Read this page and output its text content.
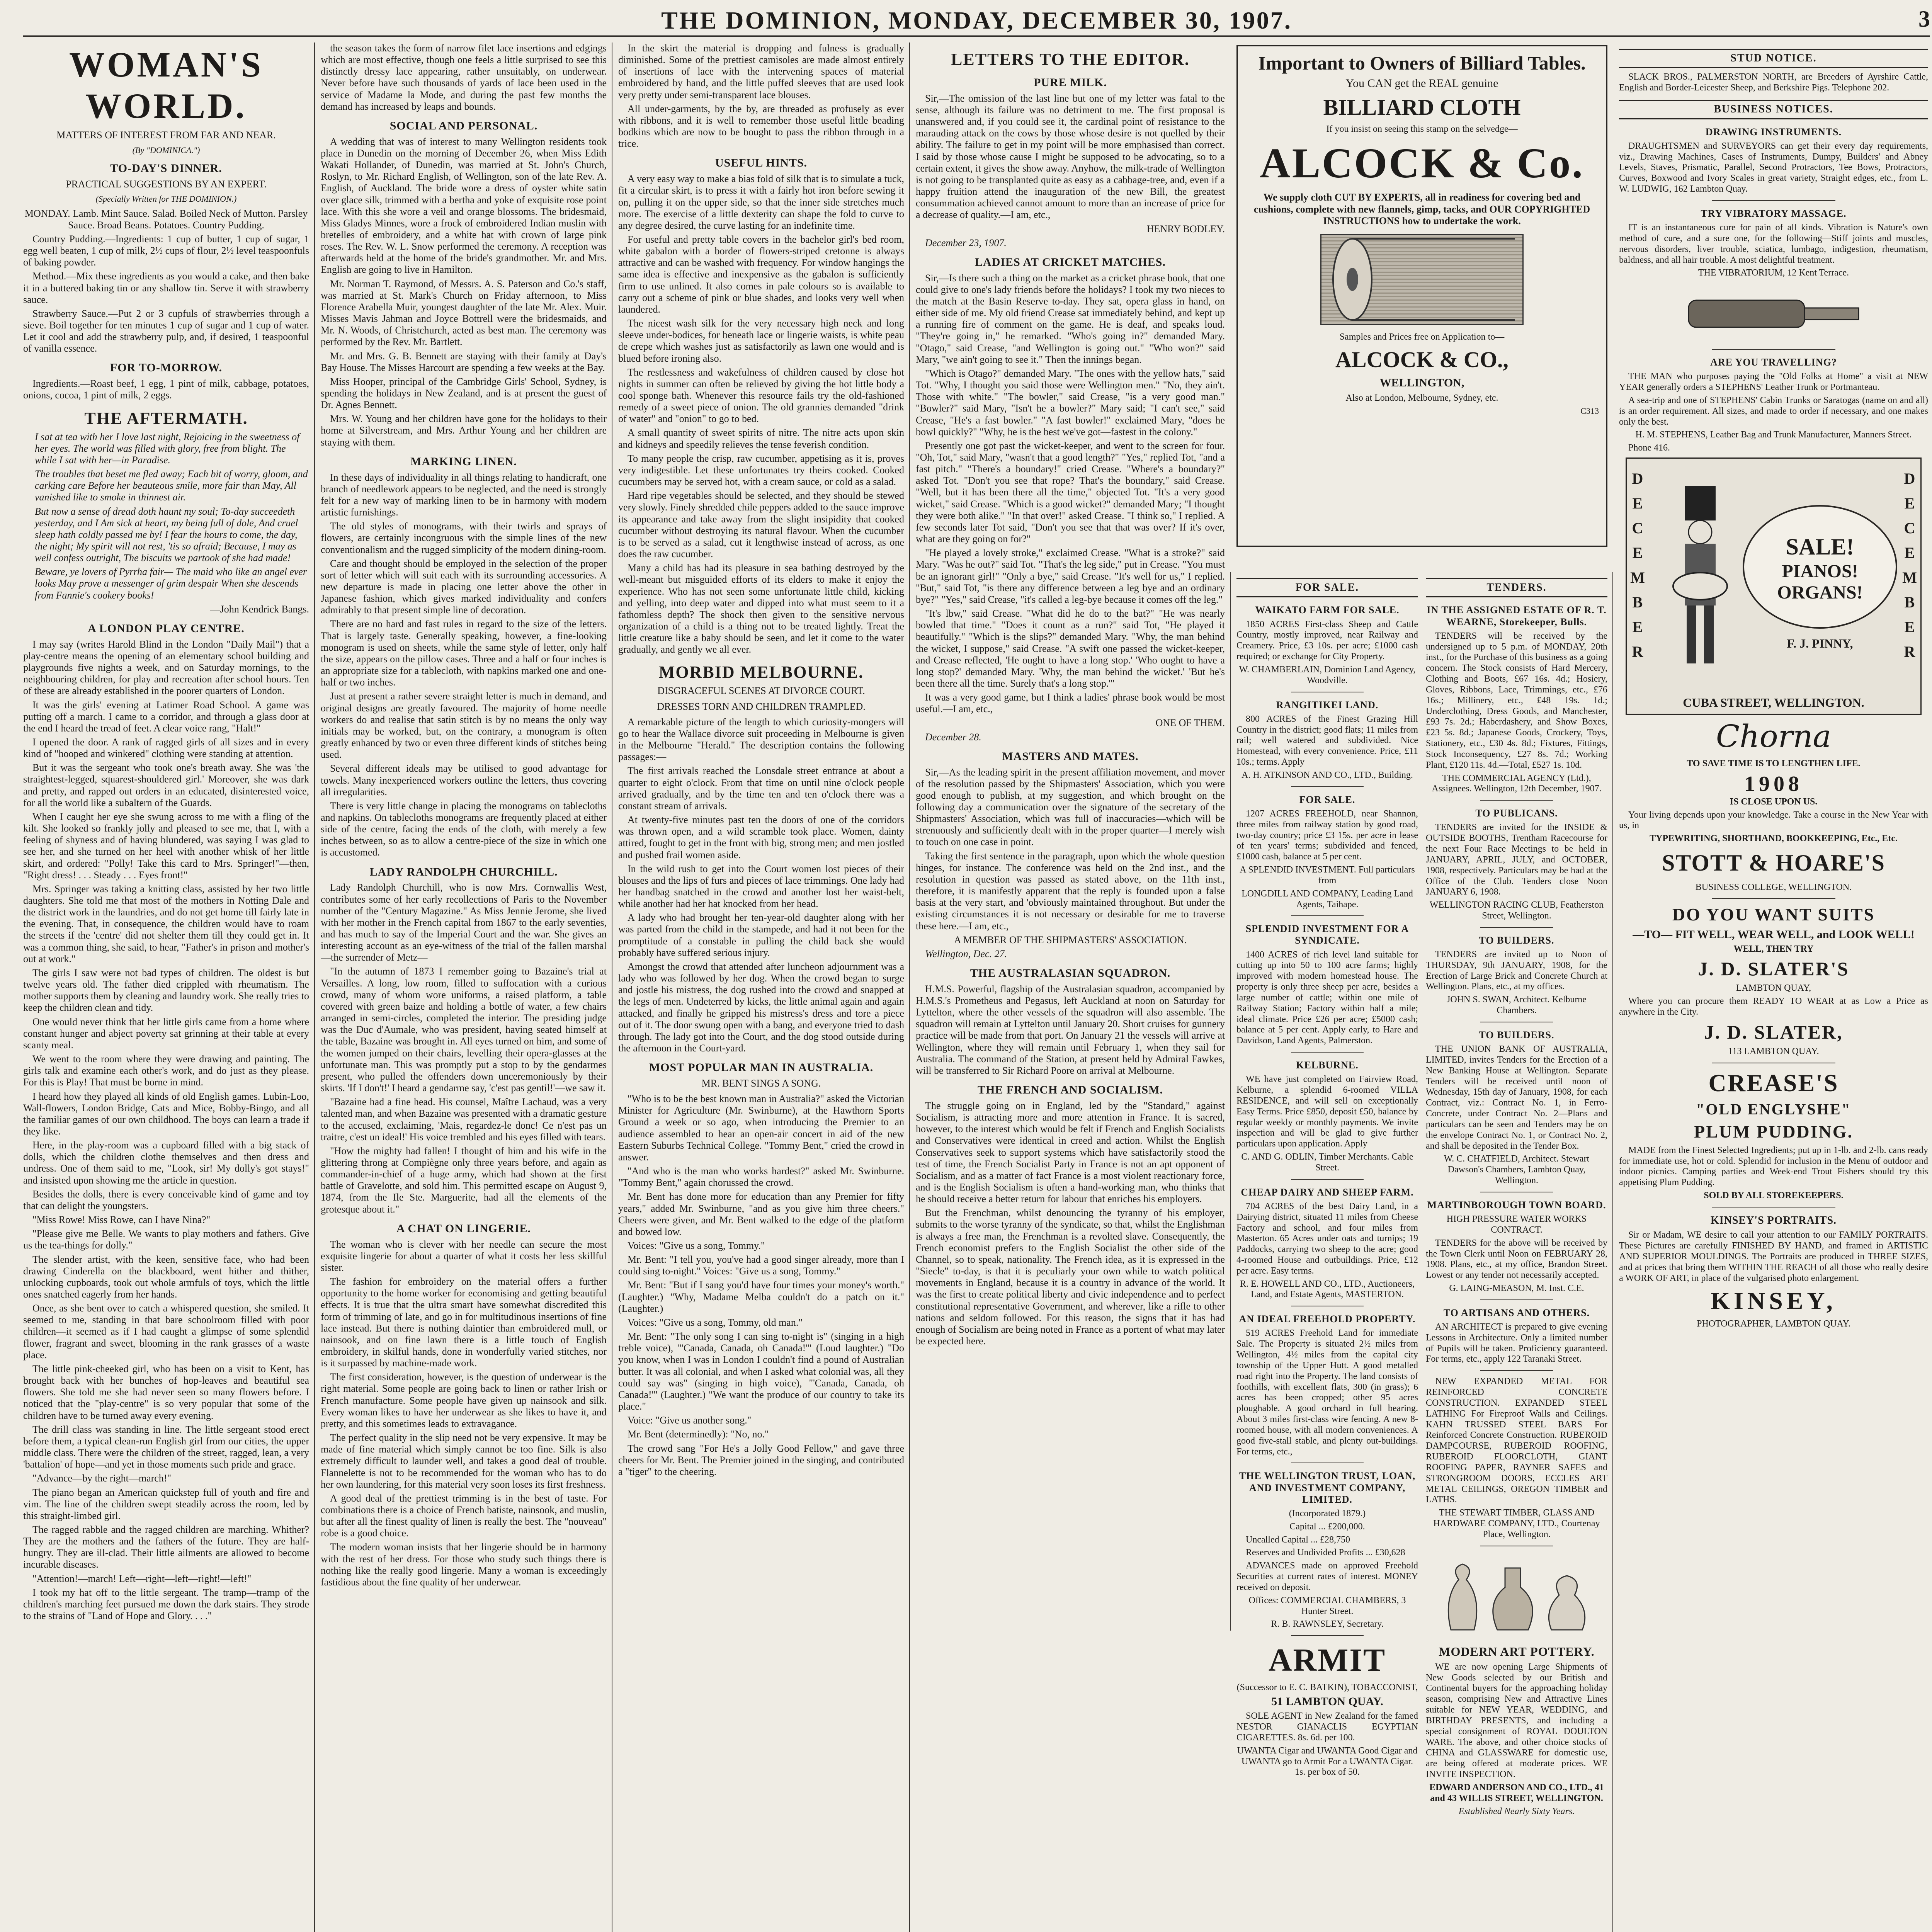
THE DOMINION, MONDAY, DECEMBER 30, 1907.	3
WOMAN'S WORLD.
MATTERS OF INTEREST FROM FAR AND NEAR.
(By "DOMINICA.")
TO-DAY'S DINNER.
PRACTICAL SUGGESTIONS BY AN EXPERT.
(Specially Written for THE DOMINION.)

MONDAY. Lamb. Mint Sauce. Salad. Boiled Neck of Mutton. Parsley Sauce. Broad Beans. Potatoes. Country Pudding.

Country Pudding.—Ingredients: 1 cup of butter, 1 cup of sugar, 1 egg well beaten, 1 cup of milk, 2½ cups of flour, 2½ level teaspoonfuls of baking powder.

Method.—Mix these ingredients as you would a cake, and then bake it in a buttered baking tin or any shallow tin. Serve it with strawberry sauce.

Strawberry Sauce.—Put 2 or 3 cupfuls of strawberries through a sieve. Boil together for ten minutes 1 cup of sugar and 1 cup of water. Let it cool and add the strawberry pulp, and, if desired, 1 teaspoonful of vanilla essence.

FOR TO-MORROW.

Ingredients.—Roast beef, 1 egg, 1 pint of milk, cabbage, potatoes, onions, cocoa, 1 pint of milk, 2 eggs.

THE AFTERMATH.

I sat at tea with her I love last night, Rejoicing in the sweetness of her eyes. The world was filled with glory, free from blight. The while I sat with her—in Paradise.

The troubles that beset me fled away; Each bit of worry, gloom, and carking care Before her beauteous smile, more fair than May, All vanished like to smoke in thinnest air.

But now a sense of dread doth haunt my soul; To-day succeedeth yesterday, and I Am sick at heart, my being full of dole, And cruel sleep hath coldly passed me by! I fear the hours to come, the day, the night; My spirit will not rest, 'tis so afraid; Because, I may as well confess outright, The biscuits we partook of she had made!

Beware, ye lovers of Pyrrha fair— The maid who like an angel ever looks May prove a messenger of grim despair When she descends from Fannie's cookery books!

—John Kendrick Bangs.

A LONDON PLAY CENTRE.

I may say (writes Harold Blind in the London "Daily Mail") that a play-centre means the opening of an elementary school building and playgrounds five nights a week, and on Saturday mornings, to the neighbouring children, for play and recreation after school hours. Ten of these are already established in the poorer quarters of London.

It was the girls' evening at Latimer Road School. A game was putting off a march. I came to a corridor, and through a glass door at the end I heard the tread of feet. A clear voice rang, "Halt!"

I opened the door. A rank of ragged girls of all sizes and in every kind of "hooped and winkered" clothing were standing at attention.

But it was the sergeant who took one's breath away. She was 'the straightest-legged, squarest-shouldered girl.' Moreover, she was dark and pretty, and rapped out orders in an educated, disinterested voice, for all the world like a subaltern of the Guards.

When I caught her eye she swung across to me with a fling of the kilt. She looked so frankly jolly and pleased to see me, that I, with a feeling of shyness and of having blundered, was saying I was glad to see her, and she turned on her heel with another whisk of her little skirt, and ordered: "Polly! Take this card to Mrs. Springer!"—then, "Right dress! . . . Steady . . . Eyes front!"

Mrs. Springer was taking a knitting class, assisted by her two little daughters. She told me that most of the mothers in Notting Dale and the district work in the laundries, and do not get home till fairly late in the evening. That, in consequence, the children would have to roam the streets if the 'centre' did not shelter them till they could get in. It was a common thing, she said, to hear, "Father's in prison and mother's out at work."

The girls I saw were not bad types of children. The oldest is but twelve years old. The father died crippled with rheumatism. The mother supports them by cleaning and laundry work. She really tries to keep the children clean and tidy.

One would never think that her little girls came from a home where constant hunger and abject poverty sat grinning at their table at every scanty meal.

We went to the room where they were drawing and painting. The girls talk and examine each other's work, and do just as they please. For this is Play! That must be borne in mind.

I heard how they played all kinds of old English games. Lubin-Loo, Wall-flowers, London Bridge, Cats and Mice, Bobby-Bingo, and all the familiar games of our own childhood. The boys can learn a trade if they like.

Here, in the play-room was a cupboard filled with a big stack of dolls, which the children clothe themselves and then dress and undress. One of them said to me, "Look, sir! My dolly's got stays!" and insisted upon showing me the article in question.

Besides the dolls, there is every conceivable kind of game and toy that can delight the youngsters.

"Miss Rowe! Miss Rowe, can I have Nina?"

"Please give me Belle. We wants to play mothers and fathers. Give us the tea-things for dolly."

The slender artist, with the keen, sensitive face, who had been drawing Cinderella on the blackboard, went hither and thither, unlocking cupboards, took out whole armfuls of toys, which the little ones snatched eagerly from her hands.

Once, as she bent over to catch a whispered question, she smiled. It seemed to me, standing in that bare schoolroom filled with poor children—it seemed as if I had caught a glimpse of some splendid flower, fragrant and sweet, blooming in the rank grasses of a waste place.

The little pink-cheeked girl, who has been on a visit to Kent, has brought back with her bunches of hop-leaves and beautiful sea flowers. She told me she had never seen so many flowers before. I noticed that the "play-centre" is so very popular that some of the children have to be turned away every evening.

The drill class was standing in line. The little sergeant stood erect before them, a typical clean-run English girl from our cities, the upper middle class. There were the children of the street, ragged, lean, a very 'battalion' of hope—and yet in those moments such pride and grace.

"Advance—by the right—march!"

The piano began an American quickstep full of youth and fire and vim. The line of the children swept steadily across the room, led by this straight-limbed girl.

The ragged rabble and the ragged children are marching. Whither? They are the mothers and the fathers of the future. They are half-hungry. They are ill-clad. Their little ailments are allowed to become incurable diseases.

"Attention!—march! Left—right—left—right!—left!"

I took my hat off to the little sergeant. The tramp—tramp of the children's marching feet pursued me down the dark stairs. They strode to the strains of "Land of Hope and Glory. . . ."

the season takes the form of narrow filet lace insertions and edgings which are most effective, though one feels a little surprised to see this distinctly dressy lace appearing, rather unsuitably, on underwear. Never before have such thousands of yards of lace been used in the service of Madame la Mode, and during the past few months the demand has increased by leaps and bounds.

SOCIAL AND PERSONAL.

A wedding that was of interest to many Wellington residents took place in Dunedin on the morning of December 26, when Miss Edith Wakati Hollander, of Dunedin, was married at St. John's Church, Roslyn, to Mr. Richard English, of Wellington, son of the late Rev. A. English, of Auckland. The bride wore a dress of oyster white satin over glace silk, trimmed with a bertha and yoke of exquisite rose point lace. With this she wore a veil and orange blossoms. The bridesmaid, Miss Gladys Minnes, wore a frock of embroidered Indian muslin with bretelles of embroidery, and a white hat with crown of large pink roses. The Rev. W. L. Snow performed the ceremony. A reception was afterwards held at the home of the bride's grandmother. Mr. and Mrs. English are going to live in Hamilton.

Mr. Norman T. Raymond, of Messrs. A. S. Paterson and Co.'s staff, was married at St. Mark's Church on Friday afternoon, to Miss Florence Arabella Muir, youngest daughter of the late Mr. Alex. Muir. Misses Mavis Jahman and Joyce Bottrell were the bridesmaids, and Mr. N. Woods, of Christchurch, acted as best man. The ceremony was performed by the Rev. Mr. Bartlett.

Mr. and Mrs. G. B. Bennett are staying with their family at Day's Bay House. The Misses Harcourt are spending a few weeks at the Bay.

Miss Hooper, principal of the Cambridge Girls' School, Sydney, is spending the holidays in New Zealand, and is at present the guest of Dr. Agnes Bennett.

Mrs. W. Young and her children have gone for the holidays to their home at Silverstream, and Mrs. Arthur Young and her children are staying with them.

MARKING LINEN.

In these days of individuality in all things relating to handicraft, one branch of needlework appears to be neglected, and the need is strongly felt for a new way of marking linen to be in harmony with modern artistic furnishings.

The old styles of monograms, with their twirls and sprays of flowers, are certainly incongruous with the simple lines of the new conventionalism and the rugged simplicity of the modern dining-room.

Care and thought should be employed in the selection of the proper sort of letter which will suit each with its surrounding accessories. A new departure is made in placing one letter above the other in Japanese fashion, which gives marked individuality and confers admirably to that present simple line of decoration.

There are no hard and fast rules in regard to the size of the letters. That is largely taste. Generally speaking, however, a fine-looking monogram is used on sheets, while the same style of letter, only half the size, appears on the pillow cases. Three and a half or four inches is an appropriate size for a tablecloth, with napkins marked one and one-half or two inches.

Just at present a rather severe straight letter is much in demand, and original designs are greatly favoured. The majority of home needle workers do and realise that satin stitch is by no means the only way initials may be worked, but, on the contrary, a monogram is often greatly enhanced by two or even three different kinds of stitches being used.

Several different ideals may be utilised to good advantage for towels. Many inexperienced workers outline the letters, thus covering all irregularities.

There is very little change in placing the monograms on tablecloths and napkins. On tablecloths monograms are frequently placed at either side of the centre, facing the ends of the cloth, with merely a few inches between, so as to allow a centre-piece of the size in which one is accustomed.

LADY RANDOLPH CHURCHILL.

Lady Randolph Churchill, who is now Mrs. Cornwallis West, contributes some of her early recollections of Paris to the November number of the "Century Magazine." As Miss Jennie Jerome, she lived with her mother in the French capital from 1867 to the early seventies, and has much to say of the Imperial Court and the war. She gives an interesting account as an eye-witness of the trial of the fallen marshal—the surrender of Metz—

"In the autumn of 1873 I remember going to Bazaine's trial at Versailles. A long, low room, filled to suffocation with a curious crowd, many of whom wore uniforms, a raised platform, a table covered with green baize and holding a bottle of water, a few chairs arranged in semi-circles, completed the interior. The presiding judge was the Duc d'Aumale, who was president, having seated himself at the table, Bazaine was brought in. All eyes turned on him, and some of the women jumped on their chairs, levelling their opera-glasses at the unfortunate man. This was promptly put a stop to by the gendarmes present, who pulled the offenders down unceremoniously by their skirts. 'If I don't!' I heard a gendarme say, 'c'est pas gentil!'—we saw it.

"Bazaine had a fine head. His counsel, Maître Lachaud, was a very talented man, and when Bazaine was presented with a dramatic gesture to the accused, exclaiming, 'Mais, regardez-le donc! Ce n'est pas un traitre, c'est un ideal!' His voice trembled and his eyes filled with tears.

"How the mighty had fallen! I thought of him and his wife in the glittering throng at Compiègne only three years before, and again as commander-in-chief of a huge army, which had shown at the first battle of Gravelotte, and sold him. This permitted escape on August 9, 1874, from the Ile Ste. Marguerite, had all the elements of the grotesque about it."

A CHAT ON LINGERIE.

The woman who is clever with her needle can secure the most exquisite lingerie for about a quarter of what it costs her less skillful sister.

The fashion for embroidery on the material offers a further opportunity to the home worker for economising and getting beautiful effects. It is true that the ultra smart have somewhat discredited this form of trimming of late, and go in for multitudinous insertions of fine lace instead. But there is nothing daintier than embroidered mull, or nainsook, and on fine lawn there is a little touch of English embroidery, in skilful hands, done in wonderfully varied stitches, nor is it surpassed by machine-made work.

The first consideration, however, is the question of underwear is the right material. Some people are going back to linen or rather Irish or French manufacture. Some people have given up nainsook and silk. Every woman likes to have her underwear as she likes to have it, and pretty, and this sometimes leads to extravagance.

The perfect quality in the slip need not be very expensive. It may be made of fine material which simply cannot be too fine. Silk is also extremely difficult to launder well, and takes a good deal of trouble. Flannelette is not to be recommended for the woman who has to do her own laundering, for this material very soon loses its first freshness.

A good deal of the prettiest trimming is in the best of taste. For combinations there is a choice of French batiste, nainsook, and muslin, but after all the finest quality of linen is really the best. The "nouveau" robe is a good choice.

The modern woman insists that her lingerie should be in harmony with the rest of her dress. For those who study such things there is nothing like the really good lingerie. Many a woman is exceedingly fastidious about the fine quality of her underwear.

In the skirt the material is dropping and fulness is gradually diminished. Some of the prettiest camisoles are made almost entirely of insertions of lace with the intervening spaces of material embroidered by hand, and the little puffed sleeves that are used look very pretty under semi-transparent lace blouses.

All under-garments, by the by, are threaded as profusely as ever with ribbons, and it is well to remember those useful little beading bodkins which are now to be bought to pass the ribbon through in a trice.

USEFUL HINTS.

A very easy way to make a bias fold of silk that is to simulate a tuck, fit a circular skirt, is to press it with a fairly hot iron before sewing it on, pulling it on the upper side, so that the inner side stretches much more. The exercise of a little dexterity can shape the fold to curve to any degree desired, the curve lasting for an indefinite time.

For useful and pretty table covers in the bachelor girl's bed room, white gabalon with a border of flowers-striped cretonne is always attractive and can be washed with frequency. For window hangings the same idea is effective and inexpensive as the gabalon is sufficiently firm to use unlined. It also comes in pale colours so is available to carry out a scheme of pink or blue shades, and looks very well when laundered.

The nicest wash silk for the very necessary high neck and long sleeve under-bodices, for beneath lace or lingerie waists, is white peau de crepe which washes just as satisfactorily as lawn one would and is blued before ironing also.

The restlessness and wakefulness of children caused by close hot nights in summer can often be relieved by giving the hot little body a cool sponge bath. Whenever this resource fails try the old-fashioned remedy of a sweet piece of onion. The old grannies demanded "drink of water" and "onion" to go to bed.

A small quantity of sweet spirits of nitre. The nitre acts upon skin and kidneys and speedily relieves the tense feverish condition.

To many people the crisp, raw cucumber, appetising as it is, proves very indigestible. Let these unfortunates try theirs cooked. Cooked cucumbers may be served hot, with a cream sauce, or cold as a salad.

Hard ripe vegetables should be selected, and they should be stewed very slowly. Finely shredded chile peppers added to the sauce improve its appearance and take away from the slight insipidity that cooked cucumber without destroying its natural flavour. When the cucumber is to be served as a salad, cut it lengthwise instead of across, as one does the raw cucumber.

Many a child has had its pleasure in sea bathing destroyed by the well-meant but misguided efforts of its elders to make it enjoy the experience. Who has not seen some unfortunate little child, kicking and yelling, into deep water and dipped into what must seem to it a fathomless depth? The shock then given to the sensitive nervous organization of a child is a thing not to be treated lightly. Treat the little creature like a baby should be seen, and let it come to the water gradually, and gently we all ever.

MORBID MELBOURNE.
DISGRACEFUL SCENES AT DIVORCE COURT.
DRESSES TORN AND CHILDREN TRAMPLED.

A remarkable picture of the length to which curiosity-mongers will go to hear the Wallace divorce suit proceeding in Melbourne is given in the Melbourne "Herald." The description contains the following passages:—

The first arrivals reached the Lonsdale street entrance at about a quarter to eight o'clock. From that time on until nine o'clock people arrived gradually, and by the time ten and ten o'clock there was a constant stream of arrivals.

At twenty-five minutes past ten the doors of one of the corridors was thrown open, and a wild scramble took place. Women, dainty attired, fought to get in the front with big, strong men; and men jostled and pushed frail women aside.

In the wild rush to get into the Court women lost pieces of their blouses and the lips of furs and pieces of lace trimmings. One lady had her handbag snatched in the crowd and another lost her waist-belt, while another had her hat knocked from her head.

A lady who had brought her ten-year-old daughter along with her was parted from the child in the stampede, and had it not been for the promptitude of a constable in pulling the child back she would probably have suffered serious injury.

Amongst the crowd that attended after luncheon adjournment was a lady who was followed by her dog. When the crowd began to surge and jostle his mistress, the dog rushed into the crowd and snapped at the legs of men. Undeterred by kicks, the little animal again and again attacked, and finally he gripped his mistress's dress and tore a piece out of it. The door swung open with a bang, and everyone tried to dash through. The lady got into the Court, and the dog stood outside during the afternoon in the Court-yard.

MOST POPULAR MAN IN AUSTRALIA.
MR. BENT SINGS A SONG.

"Who is to be the best known man in Australia?" asked the Victorian Minister for Agriculture (Mr. Swinburne), at the Hawthorn Sports Ground a week or so ago, when introducing the Premier to an audience assembled to hear an open-air concert in aid of the new Eastern Suburbs Technical College. "Tommy Bent," cried the crowd in answer.

"And who is the man who works hardest?" asked Mr. Swinburne. "Tommy Bent," again chorussed the crowd.

Mr. Bent has done more for education than any Premier for fifty years," added Mr. Swinburne, "and as you give him three cheers." Cheers were given, and Mr. Bent walked to the edge of the platform and bowed low.

Voices: "Give us a song, Tommy."

Mr. Bent: "I tell you, you've had a good singer already, more than I could sing to-night." Voices: "Give us a song, Tommy."

Mr. Bent: "But if I sang you'd have four times your money's worth." (Laughter.) "Why, Madame Melba couldn't do a patch on it." (Laughter.)

Voices: "Give us a song, Tommy, old man."

Mr. Bent: "The only song I can sing to-night is" (singing in a high treble voice), "'Canada, Canada, oh Canada!'" (Loud laughter.) "Do you know, when I was in London I couldn't find a pound of Australian butter. It was all colonial, and when I asked what colonial was, all they could say was" (singing in high voice), "'Canada, Canada, oh Canada!'" (Laughter.) "We want the produce of our country to take its place."

Voice: "Give us another song."

Mr. Bent (determinedly): "No, no."

The crowd sang "For He's a Jolly Good Fellow," and gave three cheers for Mr. Bent. The Premier joined in the singing, and contributed a "tiger" to the cheering.

LETTERS TO THE EDITOR.
PURE MILK.

Sir,—The omission of the last line but one of my letter was fatal to the sense, although its failure was no detriment to me. The first proposal is unanswered and, if you could see it, the cardinal point of resistance to the marauding attack on the cows by those whose desire is not quelled by their ability. The failure to get in my point will be more emphasised than correct. I said by those whose cause I might be supposed to be advocating, so to a certain extent, it gives the show away. Anyhow, the milk-trade of Wellington is not going to be transplanted quite as easy as a cabbage-tree, and, even if a happy fruition attend the inauguration of the new Bill, the greatest consummation achieved cannot amount to more than an increase of price for a decrease of quality.—I am, etc.,

HENRY BODLEY.

December 23, 1907.

LADIES AT CRICKET MATCHES.

Sir,—Is there such a thing on the market as a cricket phrase book, that one could give to one's lady friends before the holidays? I took my two nieces to the match at the Basin Reserve to-day. They sat, opera glass in hand, on either side of me. My old friend Crease sat immediately behind, and kept up a running fire of comment on the game. He is deaf, and speaks loud. "They're going in," he remarked. "Who's going in?" demanded Mary. "Otago," said Crease, "and Wellington is going out." "Who won?" said Mary, "we ain't going to see it." Then the innings began.

"Which is Otago?" demanded Mary. "The ones with the yellow hats," said Tot. "Why, I thought you said those were Wellington men." "No, they ain't. Those with white." "The bowler," said Crease, "is a very good man." "Bowler?" said Mary, "Isn't he a bowler?" Mary said; "I can't see," said Crease, "He's a fast bowler." "A fast bowler!" exclaimed Mary, "does he bowl quickly?" "Why, he is the best we've got—fastest in the colony."

Presently one got past the wicket-keeper, and went to the screen for four. "Oh, Tot," said Mary, "wasn't that a good length?" "Yes," replied Tot, "and a fast pitch." "There's a boundary!" cried Crease. "Where's a boundary?" asked Tot. "Don't you see that rope? That's the boundary," said Crease. "Well, but it has been there all the time," objected Tot. "It's a very good wicket," said Crease. "Which is a good wicket?" demanded Mary; "I thought they were both alike." "In that over!" asked Crease. "I think so," I replied. A few seconds later Tot said, "Don't you see that that was over? If it's over, what are they going on for?"

"He played a lovely stroke," exclaimed Crease. "What is a stroke?" said Mary. "Was he out?" said Tot. "That's the leg side," put in Crease. "You must be an ignorant girl!" "Only a bye," said Crease. "It's well for us," I replied. "But," said Tot, "is there any difference between a leg bye and an ordinary bye?" "Yes," said Crease, "it's called a leg-bye because it comes off the leg."

"It's lbw," said Crease. "What did he do to the bat?" "He was nearly bowled that time." "Does it count as a run?" said Tot, "He played it beautifully." "Which is the slips?" demanded Mary. "Why, the man behind the wicket, I suppose," said Crease. "A swift one passed the wicket-keeper, and Crease reflected, 'He ought to have a long stop.' 'Who ought to have a long stop?' demanded Mary. 'Why, the man behind the wicket.' 'But he's been there all the time. Surely that's a long stop.'"

It was a very good game, but I think a ladies' phrase book would be most useful.—I am, etc.,

ONE OF THEM.

December 28.

MASTERS AND MATES.

Sir,—As the leading spirit in the present affiliation movement, and mover of the resolution passed by the Shipmasters' Association, which you were good enough to publish, at my suggestion, and which brought on the following day a communication over the signature of the secretary of the Shipmasters' Association, which was full of inaccuracies—which will be strenuously and sufficiently dealt with in the proper quarter—I merely wish to touch on one case in point.

Taking the first sentence in the paragraph, upon which the whole question hinges, for instance. The conference was held on the 2nd inst., and the resolution in question was passed as stated above, on the 11th inst., therefore, it is manifestly apparent that the reply is founded upon a false basis at the very start, and 'obviously maintained throughout. But under the existing circumstances it is not necessary or desirable for me to traverse these here.—I am, etc.,

A MEMBER OF THE SHIPMASTERS' ASSOCIATION.

Wellington, Dec. 27.

THE AUSTRALASIAN SQUADRON.

H.M.S. Powerful, flagship of the Australasian squadron, accompanied by H.M.S.'s Prometheus and Pegasus, left Auckland at noon on Saturday for Lyttelton, where the other vessels of the squadron will also assemble. The squadron will remain at Lyttelton until January 20. Short cruises for gunnery practice will be made from that port. On January 21 the vessels will arrive at Wellington, where they will remain until February 1, when they sail for Australia. The command of the Station, at present held by Admiral Fawkes, will be transferred to Sir Richard Poore on arrival at Melbourne.

THE FRENCH AND SOCIALISM.

The struggle going on in England, led by the "Standard," against Socialism, is attracting more and more attention in France. It is sacred, however, to the interest which would be felt if French and English Socialists and Conservatives were identical in creed and action. Whilst the English Conservatives seek to support systems which have satisfactorily stood the test of time, the French Socialist Party in France is not an apt opponent of Socialism, and as a matter of fact France is a most violent reactionary force, and is the English Socialism is often a hand-working man, who thinks that he should receive a better return for labour that enriches his employers.

But the Frenchman, whilst denouncing the tyranny of his employer, submits to the worse tyranny of the syndicate, so that, whilst the Englishman is always a free man, the Frenchman is a revolted slave. Consequently, the French economist prefers to the English Socialist the other side of the Channel, so to speak, nationality. The French idea, as it is expressed in the "Siecle" to-day, is that it is peculiarly your own while to watch political movements in England, because it is a country in advance of the world. It was the first to create political liberty and civic independence and to perfect constitutional representative Government, and wherever, like a rifle to other nations and seldom followed. For this reason, the signs that it has had enough of Socialism are being noted in France as a portent of what may later be expected here.

Important to Owners of Billiard Tables.
You CAN get the REAL genuine
BILLIARD CLOTH
If you insist on seeing this stamp on the selvedge—
ALCOCK & Co.
We supply cloth CUT BY EXPERTS, all in readiness for covering bed and cushions, complete with new flannels, gimp, tacks, and OUR COPYRIGHTED INSTRUCTIONS how to undertake the work.
Samples and Prices free on Application to—
ALCOCK & CO.,
WELLINGTON,
Also at London, Melbourne, Sydney, etc.
C313
FOR SALE.
WAIKATO FARM FOR SALE.

1850 ACRES First-class Sheep and Cattle Country, mostly improved, near Railway and Creamery. Price, £3 10s. per acre; £1000 cash required; or exchange for City Property.

W. CHAMBERLAIN, Dominion Land Agency, Woodville.

RANGITIKEI LAND.

800 ACRES of the Finest Grazing Hill Country in the district; good flats; 11 miles from rail; well watered and subdivided. Nice Homestead, with every convenience. Price, £11 10s.; terms. Apply

A. H. ATKINSON AND CO., LTD., Building.

FOR SALE.

1207 ACRES FREEHOLD, near Shannon, three miles from railway station by good road, two-day country; price £3 15s. per acre in lease of ten years' terms; subdivided and fenced, £1000 cash, balance at 5 per cent.

A SPLENDID INVESTMENT. Full particulars from

LONGDILL AND COMPANY, Leading Land Agents, Taihape.

SPLENDID INVESTMENT FOR A SYNDICATE.

1400 ACRES of rich level land suitable for cutting up into 50 to 100 acre farms; highly improved with modern homestead house. The property is only three sheep per acre, besides a large number of cattle; within one mile of Railway Station; Factory within half a mile; ideal climate. Price £26 per acre; £5000 cash; balance at 5 per cent. Apply early, to Hare and Davidson, Land Agents, Palmerston.

KELBURNE.

WE have just completed on Fairview Road, Kelburne, a splendid 6-roomed VILLA RESIDENCE, and will sell on exceptionally Easy Terms. Price £850, deposit £50, balance by regular weekly or monthly payments. We invite inspection and will be glad to give further particulars upon application. Apply

C. AND G. ODLIN, Timber Merchants. Cable Street.

CHEAP DAIRY AND SHEEP FARM.

704 ACRES of the best Dairy Land, in a Dairying district, situated 11 miles from Cheese Factory and school, and four miles from Masterton. 65 Acres under oats and turnips; 19 Paddocks, carrying two sheep to the acre; good 4-roomed House and outbuildings. Price, £12 per acre. Easy terms.

R. E. HOWELL AND CO., LTD., Auctioneers, Land, and Estate Agents, MASTERTON.

AN IDEAL FREEHOLD PROPERTY.

519 ACRES Freehold Land for immediate Sale. The Property is situated 2½ miles from Wellington, 4½ miles from the capital city township of the Upper Hutt. A good metalled road right into the Property. The land consists of foothills, with excellent flats, 300 (in grass); 6 acres has been cropped; other 95 acres ploughable. A good orchard in full bearing. About 3 miles first-class wire fencing. A new 8-roomed house, with all modern conveniences. A good five-stall stable, and plenty out-buildings. For terms, etc.,

THE WELLINGTON TRUST, LOAN, AND INVESTMENT COMPANY, LIMITED.

(Incorporated 1879.)

Capital ... £200,000.

Uncalled Capital ... £28,750

Reserves and Undivided Profits ... £30,628

ADVANCES made on approved Freehold Securities at current rates of interest. MONEY received on deposit.

Offices: COMMERCIAL CHAMBERS, 3 Hunter Street.

R. B. RAWNSLEY, Secretary.

ARMIT

(Successor to E. C. BATKIN), TOBACCONIST,

51 LAMBTON QUAY.

SOLE AGENT in New Zealand for the famed NESTOR GIANACLIS EGYPTIAN CIGARETTES. 8s. 6d. per 100.

UWANTA Cigar and UWANTA Good Cigar and UWANTA go to Armit For a UWANTA Cigar. 1s. per box of 50.

TENDERS.
IN THE ASSIGNED ESTATE OF R. T. WEARNE, Storekeeper, Bulls.

TENDERS will be received by the undersigned up to 5 p.m. of MONDAY, 20th inst., for the Purchase of this business as a going concern. The Stock consists of Hard Mercery, Clothing and Boots, £67 16s. 4d.; Hosiery, Gloves, Ribbons, Lace, Trimmings, etc., £76 16s.; Millinery, etc., £48 19s. 1d.; Underclothing, Dress Goods, and Manchester, £93 7s. 2d.; Haberdashery, and Show Boxes, £23 5s. 8d.; Japanese Goods, Crockery, Toys, Stationery, etc., £30 4s. 8d.; Fixtures, Fittings, Stock Inconsequency, £27 8s. 7d.; Working Plant, £120 11s. 4d.—Total, £527 1s. 10d.

THE COMMERCIAL AGENCY (Ltd.), Assignees. Wellington, 12th December, 1907.

TO PUBLICANS.

TENDERS are invited for the INSIDE & OUTSIDE BOOTHS, Trentham Racecourse for the next Four Race Meetings to be held in JANUARY, APRIL, JULY, and OCTOBER, 1908, respectively. Particulars may be had at the Office of the Club. Tenders close Noon JANUARY 6, 1908.

WELLINGTON RACING CLUB, Featherston Street, Wellington.

TO BUILDERS.

TENDERS are invited up to Noon of THURSDAY, 9th JANUARY, 1908, for the Erection of Large Brick and Concrete Church at Wellington. Plans, etc., at my offices.

JOHN S. SWAN, Architect. Kelburne Chambers.

TO BUILDERS.

THE UNION BANK OF AUSTRALIA, LIMITED, invites Tenders for the Erection of a New Banking House at Wellington. Separate Tenders will be received until noon of Wednesday, 15th day of January, 1908, for each Contract, viz.: Contract No. 1, in Ferro-Concrete, under Contract No. 2—Plans and particulars can be seen and Tenders may be on the envelope Contract No. 1, or Contract No. 2, and shall be deposited in the Tender Box.

W. C. CHATFIELD, Architect. Stewart Dawson's Chambers, Lambton Quay, Wellington.

MARTINBOROUGH TOWN BOARD.

HIGH PRESSURE WATER WORKS CONTRACT.

TENDERS for the above will be received by the Town Clerk until Noon on FEBRUARY 28, 1908. Plans, etc., at my office, Brandon Street. Lowest or any tender not necessarily accepted.

G. LAING-MEASON, M. Inst. C.E.

TO ARTISANS AND OTHERS.

AN ARCHITECT is prepared to give evening Lessons in Architecture. Only a limited number of Pupils will be taken. Proficiency guaranteed. For terms, etc., apply 122 Taranaki Street.

NEW EXPANDED METAL FOR REINFORCED CONCRETE CONSTRUCTION. EXPANDED STEEL LATHING For Fireproof Walls and Ceilings. KAHN TRUSSED STEEL BARS For Reinforced Concrete Construction. RUBEROID DAMPCOURSE, RUBEROID ROOFING, RUBEROID FLOORCLOTH, GIANT ROOFING PAPER, RAYNER SAFES and STRONGROOM DOORS, ECCLES ART METAL CEILINGS, OREGON TIMBER and LATHS.

THE STEWART TIMBER, GLASS AND HARDWARE COMPANY, LTD., Courtenay Place, Wellington.

MODERN ART POTTERY.

WE are now opening Large Shipments of New Goods selected by our British and Continental buyers for the approaching holiday season, comprising New and Attractive Lines suitable for NEW YEAR, WEDDING, and BIRTHDAY PRESENTS, and including a special consignment of ROYAL DOULTON WARE. The above, and other choice stocks of CHINA and GLASSWARE for domestic use, are being offered at moderate prices. WE INVITE INSPECTION.

EDWARD ANDERSON AND CO., LTD., 41 and 43 WILLIS STREET, WELLINGTON.

Established Nearly Sixty Years.

STUD NOTICE.

SLACK BROS., PALMERSTON NORTH, are Breeders of Ayrshire Cattle, English and Border-Leicester Sheep, and Berkshire Pigs. Telephone 202.

BUSINESS NOTICES.
DRAWING INSTRUMENTS.

DRAUGHTSMEN and SURVEYORS can get their every day requirements, viz., Drawing Machines, Cases of Instruments, Dumpy, Builders' and Abney Levels, Staves, Prismatic, Parallel, Second Protractors, Tee Bows, Protractors, Curves, Boxwood and Ivory Scales in great variety, Straight edges, etc., from L. W. LUDWIG, 162 Lambton Quay.

TRY VIBRATORY MASSAGE.

IT is an instantaneous cure for pain of all kinds. Vibration is Nature's own method of cure, and a sure one, for the following—Stiff joints and muscles, nervous disorders, liver trouble, sciatica, lumbago, indigestion, rheumatism, baldness, and all hair trouble. A most delightful treatment.

THE VIBRATORIUM, 12 Kent Terrace.

ARE YOU TRAVELLING?

THE MAN who purposes paying the "Old Folks at Home" a visit at NEW YEAR generally orders a STEPHENS' Leather Trunk or Portmanteau.

A sea-trip and one of STEPHENS' Cabin Trunks or Saratogas (name on and all) is an order requirement. All sizes, and made to order if necessary, and one makes only the best.

H. M. STEPHENS, Leather Bag and Trunk Manufacturer, Manners Street.

Phone 416.

DECEMBER
DECEMBER
SALE!
PIANOS! ORGANS!
F. J. PINNY,
CUBA STREET, WELLINGTON.
Chorna

TO SAVE TIME IS TO LENGTHEN LIFE.

1908

IS CLOSE UPON US.

Your living depends upon your knowledge. Take a course in the New Year with us, in

TYPEWRITING, SHORTHAND, BOOKKEEPING, Etc., Etc.

STOTT & HOARE'S

BUSINESS COLLEGE, WELLINGTON.

DO YOU WANT SUITS

—TO— FIT WELL, WEAR WELL, and LOOK WELL!

WELL, THEN TRY

J. D. SLATER'S

LAMBTON QUAY,

Where you can procure them READY TO WEAR at as Low a Price as anywhere in the City.

J. D. SLATER,

113 LAMBTON QUAY.

CREASE'S
"OLD ENGLYSHE"
PLUM PUDDING.

MADE from the Finest Selected Ingredients; put up in 1-lb. and 2-lb. cans ready for immediate use, hot or cold. Splendid for inclusion in the Menu of outdoor and indoor picnics. Camping parties and Week-end Trout Fishers should try this appetising Plum Pudding.

SOLD BY ALL STOREKEEPERS.

KINSEY'S PORTRAITS.

Sir or Madam, WE desire to call your attention to our FAMILY PORTRAITS. These Pictures are carefully FINISHED BY HAND, and framed in ARTISTIC AND SUPERIOR MOULDINGS. The Portraits are produced in THREE SIZES, and at prices that bring them WITHIN THE REACH of all those who really desire a WORK OF ART, in place of the vulgarised photo enlargement.

KINSEY,

PHOTOGRAPHER, LAMBTON QUAY.
